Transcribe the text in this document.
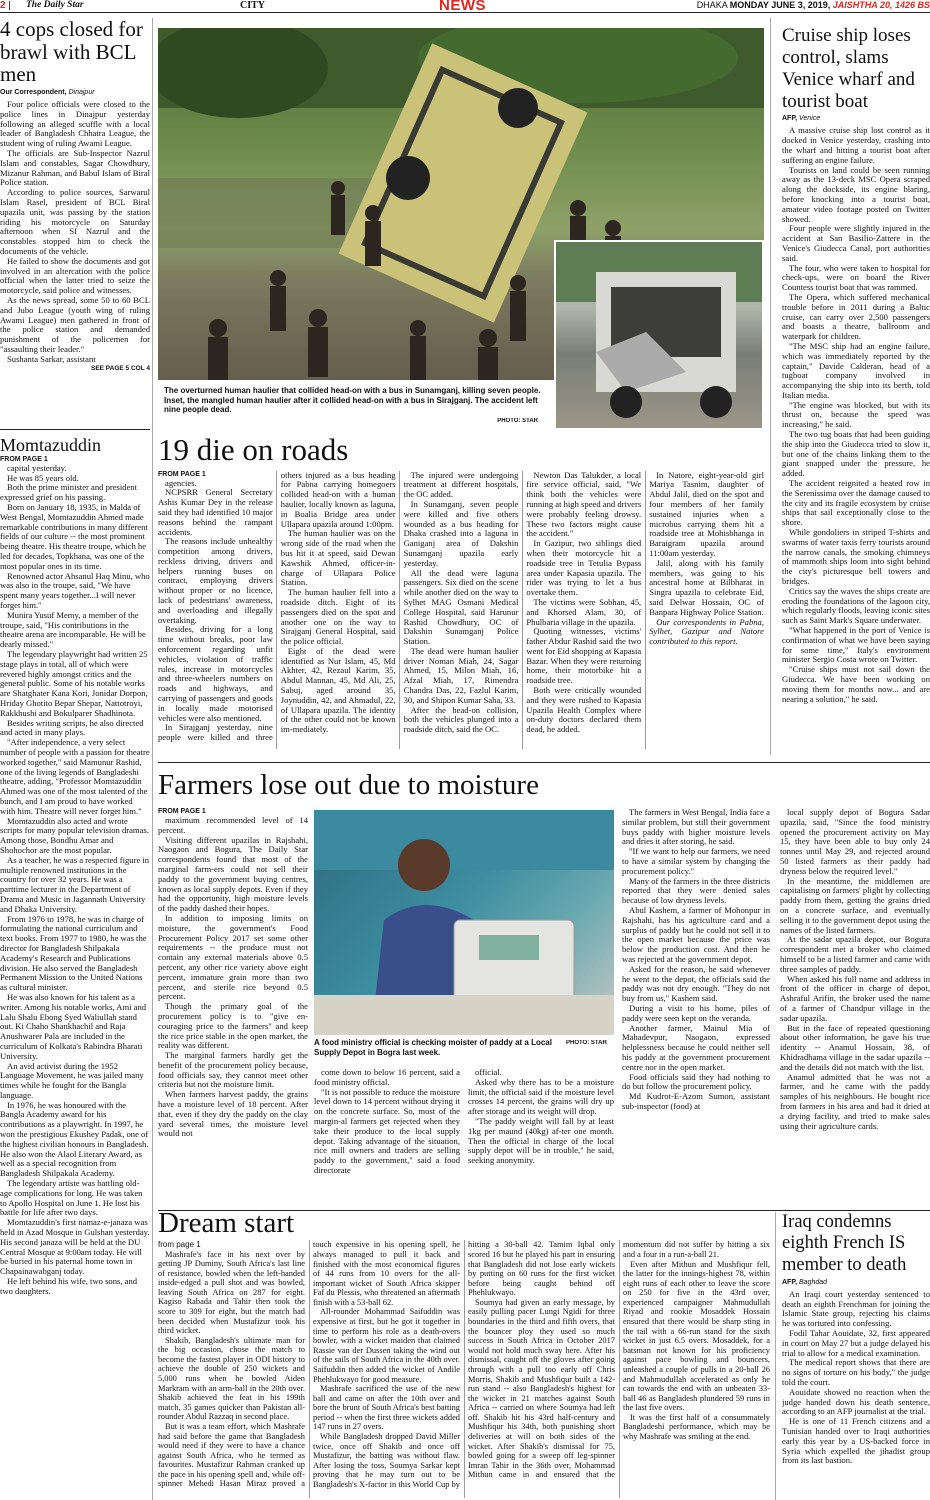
2 The Daily Star	CITY	NEWS	DHAKA MONDAY JUNE 3, 2019, JAISHTHA 20, 1426 BS
4 cops closed for brawl with BCL men
Our Correspondent, Dinajpur

Four police officials were closed to the police lines in Dinajpur yesterday following an alleged scuffle with a local leader of Bangladesh Chhatra League, the student wing of ruling Awami League.

The officials are Sub-Inspector Nazrul Islam and constables, Sagar Chowdhury, Mizanur Rahman, and Babul Islam of Biral Police station.

According to police sources, Sarwarul Islam Rasel, president of BCL Biral upazila unit, was passing by the station riding his motorcycle on Saturday afternoon when SI Nazrul and the constables stopped him to check the documents of the vehicle.

He failed to show the documents and got involved in an altercation with the police official when the latter tried to seize the motorcycle, said police and witnesses.

As the news spread, some 50 to 60 BCL and Jubo League (youth wing of ruling Awami League) men gathered in front of the police station and demanded punishment of the policemen for "assaulting their leader."

Sushanta Sarkar, assistant

SEE PAGE 5 COL 4
Momtazuddin
FROM PAGE 1

capital yesterday.

He was 85 years old.

Both the prime minister and president expressed grief on his passing.

Born on January 18, 1935, in Malda of West Bengal, Momtazuddin Ahmed made remarkable contributions in many different fields of our culture -- the most prominent being theatre. His theatre troupe, which he led for decades, Topkhana, was one of the most popular ones in its time.

Renowned actor Ahsanul Haq Minu, who was also in the troupe, said, "We have spent many years together...I will never forget him."

Munira Yusuf Memy, a member of the troupe, said, "His contributions in the theatre arena are incomparable. He will be dearly missed."

The legendary playwright had written 25 stage plays in total, all of which were revered highly amongst critics and the general public. Some of his notable works are Shatghater Kana Kori, Jonidar Dorpon, Hriday Ghotito Bepar Shepar, Nattotroyi, Rakkhushi and Bokulparer Shadhinota.

Besides writing scripts, he also directed and acted in many plays.

"After independence, a very select number of people with a passion for theatre worked together," said Mamunur Rashid, one of the living legends of Bangladeshi theatre, adding, "Professor Momtazuddin Ahmed was one of the most talented of the bunch, and I am proud to have worked with him. Theatre will never forget him."

Momtazuddin also acted and wrote scripts for many popular television dramas. Among those, Bondhu Amar and Shohochor are the most popular.

As a teacher, he was a respected figure in multiple renowned institutions in the country for over 32 years. He was a parttime lecturer in the Department of Drama and Music in Jagannath University and Dhaka University.

From 1976 to 1978, he was in charge of formulating the national curriculum and text books. From 1977 to 1980, he was the director for Bangladesh Shilpakala Academy's Research and Publications division. He also served the Bangladesh Permanent Mission to the United Nations as cultural minister.

He was also known for his talent as a writer. Among his notable works, Ami and Lalu Shalu Ebong Syed Waliullah stand out. Ki Chaho Shankhachil and Raja Anushwarer Pala are included in the curriculum of Kolkata's Rabindra Bharati University.

An avid activist during the 1952 Language Movement, he was jailed many times while he fought for the Bangla language.

In 1976, he was honoured with the Bangla Academy award for his contributions as a playwright. In 1997, he won the prestigious Ekushey Padak, one of the highest civilian honours in Bangladesh. He also won the Alaol Literary Award, as well as a special recognition from Bangladesh Shilpakala Academy.

The legendary artiste was battling old-age complications for long. He was taken to Apollo Hospital on June 1. He lost his battle for life after two days.

Momtazuddin's first namaz-e-janaza was held in Azad Mosque in Gulshan yesterday. His second janaza will be held at the DU Central Mosque at 9:00am today. He will be buried in his paternal home town in Chapainawabganj today.

He left behind his wife, two sons, and two daughters.

The overturned human haulier that collided head-on with a bus in Sunamganj, killing seven people. Inset, the mangled human haulier after it collided head-on with a bus in Sirajganj. The accident left nine people dead.
PHOTO: STAR
19 die on roads
FROM PAGE 1

agencies.

NCPSRR General Secretary Ashis Kumar Dey in the release said they had identified 10 major reasons behind the rampant accidents.

The reasons include unhealthy competition among drivers, reckless driving, drivers and helpers running buses on contract, employing drivers without proper or no licence, lack of pedestrians' awareness, and overloading and illegally overtaking.

Besides, driving for a long time without breaks, poor law enforcement regarding unfit vehicles, violation of traffic rules, increase in motorcycles and three-wheelers numbers on roads and highways, and carrying of passengers and goods in locally made motorised vehicles were also mentioned.

In Sirajganj yesterday, nine people were killed and three others injured as a bus heading for Pabna carrying homegoers collided head-on with a human haulier, locally known as laguna, in Boalia Bridge area under Ullapara upazila around 1:00pm.

The human haulier was on the wrong side of the road when the bus hit it at speed, said Dewan Kawshik Ahmed, officer-in-charge of Ullapara Police Station.

The human haulier fell into a roadside ditch. Eight of its passengers died on the spot and another one on the way to Sirajganj General Hospital, said the police official.

Eight of the dead were identified as Nur Islam, 45, Md Akhter, 42, Rezaul Karim, 35, Abdul Mannan, 45, Md Ali, 25, Sabuj, aged around 35, Joynuddin, 42, and Ahmadul, 22, of Ullapara upazila. The identity of the other could not be known im-mediately.

The injured were undergoing treatment at different hospitals, the OC added.

In Sunamganj, seven people were killed and five others wounded as a bus heading for Dhaka crashed into a laguna in Ganiganj area of Dakshin Sunamganj upazila early yesterday.

All the dead were laguna passengers. Six died on the scene while another died on the way to Sylhet MAG Osmani Medical College Hospital, said Harunur Rashid Chowdhury, OC of Dakshin Sunamganj Police Station.

The dead were human haulier driver Noman Miah, 24, Sagar Ahmed, 15, Milon Miah, 16, Afzal Miah, 17, Rimendra Chandra Das, 22, Fazlul Karim, 30, and Shipon Kumar Saha, 33.

After the head-on collision, both the vehicles plunged into a roadside ditch, said the OC.

Newton Das Talukder, a local fire service official, said, "We think both the vehicles were running at high speed and drivers were probably feeling drowsy. These two factors might cause the accident."

In Gazipur, two siblings died when their motorcycle hit a roadside tree in Tetulia Bypass area under Kapasia upazila. The rider was trying to let a bus overtake them.

The victims were Sobhan, 45, and Khorsed Alam, 30, of Phulbaria village in the upazila.

Quoting witnesses, victims' father Abdur Rashid said the two went for Eid shopping at Kapasia Bazar. When they were returning home, their motorbike hit a roadside tree.

Both were critically wounded and they were rushed to Kapasia Upazila Health Complex where on-duty doctors declared them dead, he added.

In Natore, eight-year-old girl Mariya Tasnim, daughter of Abdul Jalil, died on the spot and four members of her family sustained injuries when a microbus carrying them hit a roadside tree at Mohisbhanga in Baraigram upazila around 11:00am yesterday.

Jalil, along with his family members, was going to his ancestral home at Bilbharat in Singra upazila to celebrate Eid, said Delwar Hossain, OC of Banpara Highway Police Station.

Our correspondents in Pabna, Sylhet, Gazipur and Natore contributed to this report.

Cruise ship loses control, slams Venice wharf and tourist boat
AFP, Venice

A massive cruise ship lost control as it docked in Venice yesterday, crashing into the wharf and hitting a tourist boat after suffering an engine failure.

Tourists on land could be seen running away as the 13-deck MSC Opera scraped along the dockside, its engine blaring, before knocking into a tourist boat, amateur video footage posted on Twitter showed.

Four people were slightly injured in the accident at San Basilio-Zattere in the Venice's Giudecca Canal, port authorities said.

The four, who were taken to hospital for check-ups, were on board the River Countess tourist boat that was rammed.

The Opera, which suffered mechanical trouble before in 2011 during a Baltic cruise, can carry over 2,500 passengers and boasts a theatre, ballroom and waterpark for children.

"The MSC ship had an engine failure, which was immediately reported by the captain," Davide Calderan, head of a tugboat company involved in accompanying the ship into its berth, told Italian media.

"The engine was blocked, but with its thrust on, because the speed was increasing," he said.

The two tug boats that had been guiding the ship into the Giudecca tried to slow it, but one of the chains linking them to the giant snapped under the pressure, he added.

The accident reignited a heated row in the Serenissima over the damage caused to the city and its fragile ecosystem by cruise ships that sail exceptionally close to the shore.

While gondoliers in striped T-shirts and swarms of water taxis ferry tourists around the narrow canals, the smoking chimneys of mammoth ships loom into sight behind the city's picturesque bell towers and bridges.

Critics say the waves the ships create are eroding the foundations of the lagoon city, which regularly floods, leaving iconic sites such as Saint Mark's Square underwater.

"What happened in the port of Venice is confirmation of what we have been saying for some time," Italy's environment minister Sergio Costa wrote on Twitter.

"Cruise ships must not sail down the Giudecca. We have been working on moving them for months now... and are nearing a solution," he said.

Farmers lose out due to moisture
FROM PAGE 1

maximum recommended level of 14 percent.

Visiting different upazilas in Rajshahi, Naogaon and Bogura, The Daily Star correspondents found that most of the marginal farm-ers could not sell their paddy to the government buying centres, known as local supply depots. Even if they had the opportunity, high moisture levels of the paddy dashed their hopes.

In addition to imposing limits on moisture, the government's Food Procurement Policy 2017 set some other requirements -- the produce must not contain any external materials above 0.5 percent, any other rice variety above eight percent, immature grain more than two percent, and sterile rice beyond 0.5 percent.

Though the primary goal of the procurement policy is to "give en-couraging price to the farmers" and keep the rice price stable in the open market, the reality was different.

The marginal farmers hardly get the benefit of the procurement policy because, food officials say, they cannot meet other criteria but not the moisture limit.

When farmers harvest paddy, the grains have a moisture level of 18 percent. After that, even if they dry the paddy on the clay yard several times, the moisture level would not

A food ministry official is checking moister of paddy at a Local Supply Depot in Bogra last week.
PHOTO: STAR

come down to below 16 percent, said a food ministry official.

"It is not possible to reduce the moisture level down to 14 percent without drying it on the concrete surface. So, most of the margin-al farmers get rejected when they take their produce to the local supply depot. Taking advantage of the situation, rice mill owners and traders are selling paddy to the government," said a food directorate

official.

Asked why there has to be a moisture limit, the official said if the moisture level crosses 14 percent, the grains will dry up after storage and its weight will drop.

"The paddy weight will fall by at least 1kg per maund (40kg) af-ter one month. Then the official in charge of the local supply depot will be in trouble," he said, seeking anonymity.

The farmers in West Bengal, India face a similar problem, but still their government buys paddy with higher moisture levels and dries it after storing, he said.

"If we want to help our farmers, we need to have a similar system by changing the procurement policy."

Many of the farmers in the three districts reported that they were denied sales because of low dryness levels.

Abul Kashem, a farmer of Mohonpur in Rajshahi, has his agriculture card and a surplus of paddy but he could not sell it to the open market because the price was below the production cost. And then he was rejected at the government depot.

Asked for the reason, he said whenever he went to the depot, the officials said the paddy was not dry enough. "They do not buy from us," Kashem said.

During a visit to his home, piles of paddy were seen kept on the veranda.

Another farmer, Mainul Mia of Mahadevpur, Naogaon, expressed helplessness because he could neither sell his paddy at the government procurement centre nor in the open market.

Food officials said they had nothing to do but follow the procurement policy.

Md Kudrot-E-Azom Sumon, assistant sub-inspector (food) at

local supply depot of Bogura Sadar upazila, said, "Since the food ministry opened the procurement activity on May 15, they have been able to buy only 24 tonnes until May 29, and rejected around 50 listed farmers as their paddy had dryness below the required level."

In the meantime, the middlemen are capitalising on farmers' plight by collecting paddy from them, getting the grains dried on a concrete surface, and eventually selling it to the government depot using the names of the listed farmers.

At the sadar upazila depot, our Bogura correspondent met a broker who claimed himself to be a listed farmer and came with three samples of paddy.

When asked his full name and address in front of the officer in charge of depot, Ashraful Arifin, the broker used the name of a farmer of Chandpur village in the sadar upazila.

But in the face of repeated questioning about other information, he gave his true identity -- Anamul Hossain, 38, of Khidradhama village in the sadar upazila -- and the details did not match with the list.

Anamul admitted that he was not a farmer, and he came with the paddy samples of his neighbours. He bought rice from farmers in his area and had it dried at a drying facility, and tried to make sales using their agriculture cards.

Dream start
from page 1

Mashrafe's face in his next over by getting JP Duminy, South Africa's last line of resistance, bowled when the left-handed inside-edged a pull shot and was bowled, leaving South Africa on 287 for eight. Kagiso Rabada and Tahir then took the score to 309 for eight, but the match had been decided when Mustafizur took his third wicket.

Shakib, Bangladesh's ultimate man for the big occasion, chose the match to become the fastest player in ODI history to achieve the double of 250 wickets and 5,000 runs when he bowled Aiden Markram with an arm-ball in the 20th over. Shakib achieved the feat in his 199th match, 35 games quicker than Pakistan all-rounder Abdul Razzaq in second place.

But it was a team effort, which Mashrafe had said before the game that Bangladesh would need if they were to have a chance against South Africa, who he termed as favourites. Mustafizur Rahman cranked up the pace in his opening spell and, while off-spinner Mehedi Hasan Miraz proved a touch expensive in his opening spell, he always managed to pull it back and finished with the most economical figures of 44 runs from 10 overs for the all-important wicket of South Africa skipper Faf du Plessis, who threatened an aftermath finish with a 53-ball 62.

All-rounder Mohammad Saifuddin was expensive at first, but he got it together in time to perform his role as a death-overs bowler, with a wicket maiden that claimed Rassie van der Dussen taking the wind out of the sails of South Africa in the 40th over. Saifuddin then added the wicket of Andile Phehlukwayo for good measure.

Mashrafe sacrificed the use of the new ball and came on after the 10th over and bore the brunt of South Africa's best batting period -- when the first three wickets added 147 runs in 27 overs.

While Bangladesh dropped David Miller twice, once off Shakib and once off Mustafizur, the batting was without flaw. After losing the toss, Soumya Sarkar kept proving that he may turn out to be Bangladesh's X-factor in this World Cup by hitting a 30-ball 42. Tamim Iqbal only scored 16 but he played his part in ensuring that Bangladesh did not lose early wickets by putting on 60 runs for the first wicket before being caught behind off Phehlukwayo.

Soumya had given an early message, by easily pulling pacer Lungi Ngidi for three boundaries in the third and fifth overs, that the bouncer ploy they used so much success in South Africa in October 2017 would not hold much sway here. After his dismissal, caught off the gloves after going through with a pull too early off Chris Morris, Shakib and Mushfiqur built a 142-run stand -- also Bangladesh's highest for the wicket in 21 matches against South Africa -- carried on where Soumya had left off. Shakib hit his 43rd half-century and Mushfiqur his 34th, both punishing short deliveries at will on both sides of the wicket. After Shakib's dismissal for 75, bowled going for a sweep off leg-spinner Imran Tahir in the 36th over, Mohammad Mithun came in and ensured that the momentum did not suffer by hitting a six and a four in a run-a-ball 21.

Even after Mithun and Mushfiqur fell, the latter for the innings-highest 78, within eight runs of each other to leave the score on 250 for five in the 43rd over, experienced campaigner Mahmudullah Riyad and rookie Mosaddek Hossain ensured that there would be sharp sting in the tail with a 66-run stand for the sixth wicket in just 6.5 overs. Mosaddek, for a batsman not known for his proficiency against pace bowling and bouncers, unleashed a couple of pulls in a 20-ball 26 and Mahmudullah accelerated as only he can towards the end with an unbeaten 33-ball 46 as Bangladesh plundered 59 runs in the last five overs.

It was the first half of a consummately Bangladeshi performance, which may be why Mashrafe was smiling at the end.

Iraq condemns eighth French IS member to death
AFP, Baghdad

An Iraqi court yesterday sentenced to death an eighth Frenchman for joining the Islamic State group, rejecting his claims he was tortured into confessing.

Fodil Tahar Aouidate, 32, first appeared in court on May 27 but a judge delayed his trial to allow for a medical examination.

The medical report shows that there are no signs of torture on his body," the judge told the court.

Aouidate showed no reaction when the judge handed down his death sentence, according to an AFP journalist at the trial.

He is one of 11 French citizens and a Tunisian handed over to Iraqi authorities early this year by a US-backed force in Syria which expelled the jihadist group from its last bastion.
